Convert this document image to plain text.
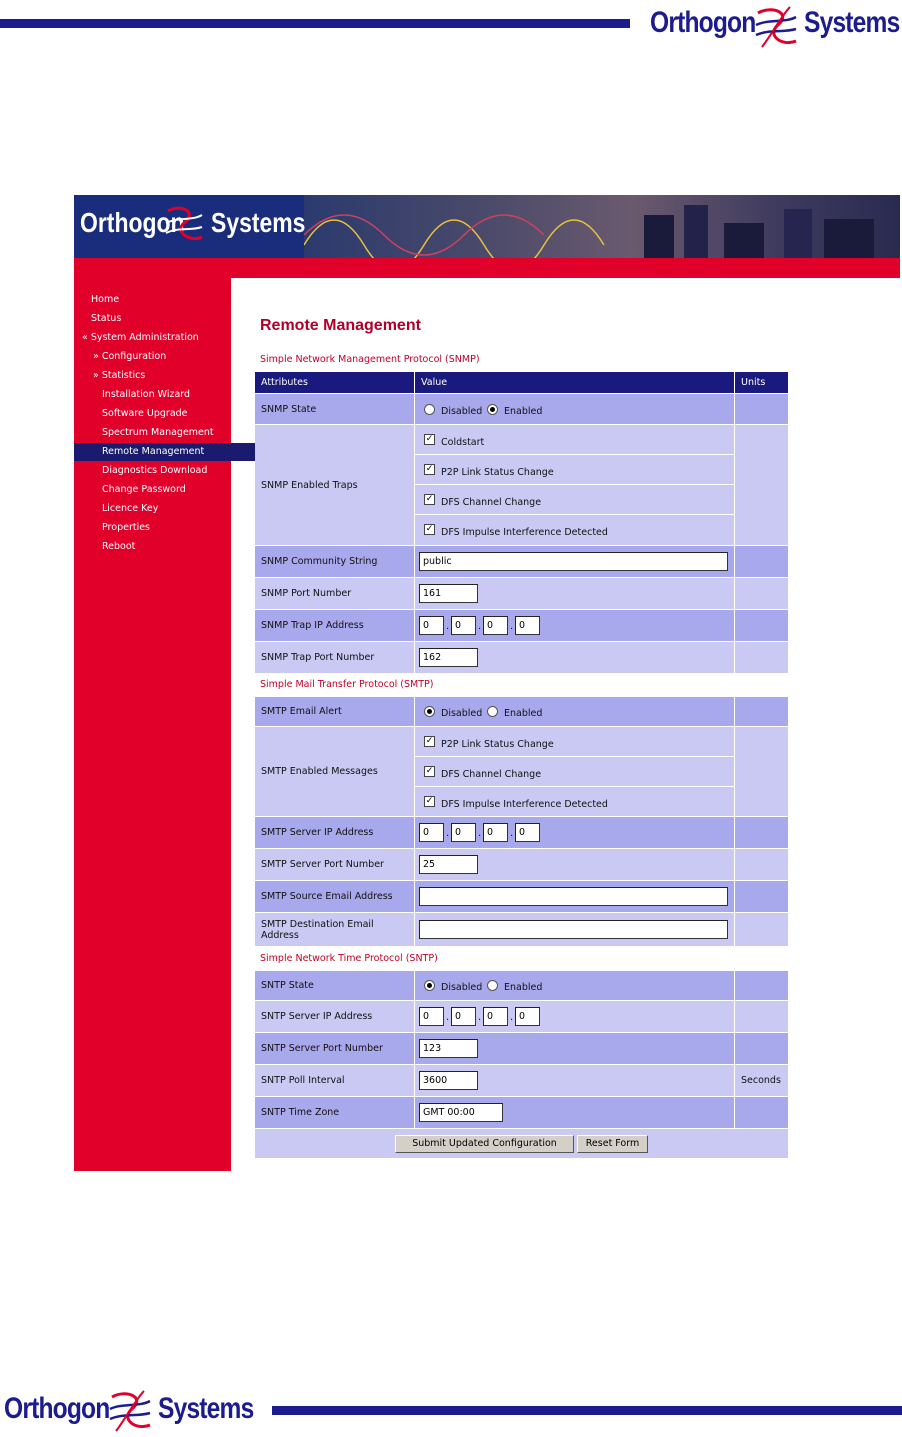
Orthogon Systems
Orthogon Systems
Home
Status
« System Administration
» Configuration
» Statistics
Installation Wizard
Software Upgrade
Spectrum Management
Remote Management
Diagnostics Download
Change Password
Licence Key
Properties
Reboot
Remote Management
Simple Network Management Protocol (SNMP)
Attributes	Value	Units
SNMP State	Disabled Enabled
SNMP Enabled Traps
✓ Coldstart
✓ P2P Link Status Change
✓ DFS Channel Change
✓ DFS Impulse Interference Detected
SNMP Community String	public
SNMP Port Number	161
SNMP Trap IP Address	0	. 0	. 0	. 0
SNMP Trap Port Number	162
Simple Mail Transfer Protocol (SMTP)
SMTP Email Alert	Disabled Enabled
SMTP Enabled Messages
✓ P2P Link Status Change
✓ DFS Channel Change
✓ DFS Impulse Interference Detected
SMTP Server IP Address	0	. 0	. 0	. 0
SMTP Server Port Number	25
SMTP Source Email Address
SMTP Destination Email Address
Simple Network Time Protocol (SNTP)
SNTP State	Disabled Enabled
SNTP Server IP Address	0	. 0	. 0	. 0
SNTP Server Port Number	123
SNTP Poll Interval	3600	Seconds
SNTP Time Zone	GMT 00:00
Submit Updated Configuration	Reset Form
Orthogon Systems
